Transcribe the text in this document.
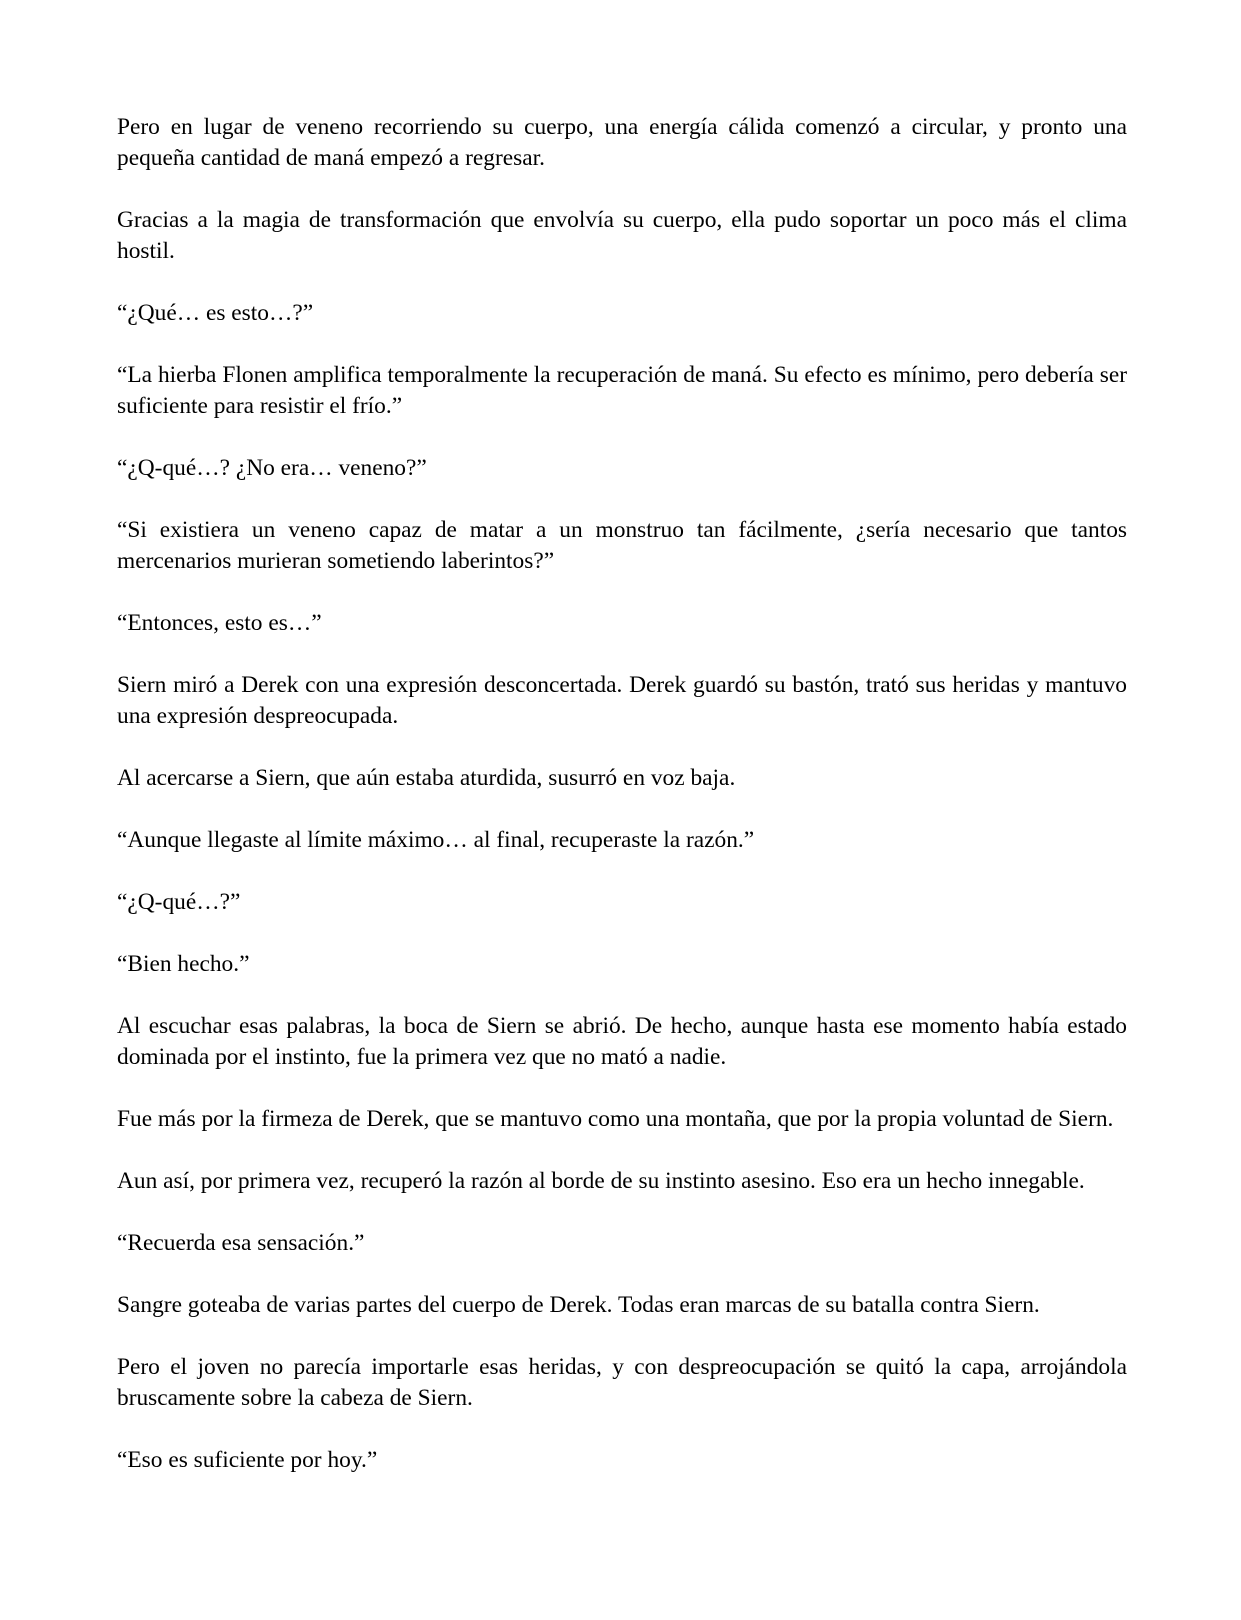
Pero en lugar de veneno recorriendo su cuerpo, una energía cálida comenzó a circular, y pronto una pequeña cantidad de maná empezó a regresar.

Gracias a la magia de transformación que envolvía su cuerpo, ella pudo soportar un poco más el clima hostil.

“¿Qué… es esto…?”

“La hierba Flonen amplifica temporalmente la recuperación de maná. Su efecto es mínimo, pero debería ser suficiente para resistir el frío.”

“¿Q-qué…? ¿No era… veneno?”

“Si existiera un veneno capaz de matar a un monstruo tan fácilmente, ¿sería necesario que tantos mercenarios murieran sometiendo laberintos?”

“Entonces, esto es…”

Siern miró a Derek con una expresión desconcertada. Derek guardó su bastón, trató sus heridas y mantuvo una expresión despreocupada.

Al acercarse a Siern, que aún estaba aturdida, susurró en voz baja.

“Aunque llegaste al límite máximo… al final, recuperaste la razón.”

“¿Q-qué…?”

“Bien hecho.”

Al escuchar esas palabras, la boca de Siern se abrió. De hecho, aunque hasta ese momento había estado dominada por el instinto, fue la primera vez que no mató a nadie.

Fue más por la firmeza de Derek, que se mantuvo como una montaña, que por la propia voluntad de Siern.

Aun así, por primera vez, recuperó la razón al borde de su instinto asesino. Eso era un hecho innegable.

“Recuerda esa sensación.”

Sangre goteaba de varias partes del cuerpo de Derek. Todas eran marcas de su batalla contra Siern.

Pero el joven no parecía importarle esas heridas, y con despreocupación se quitó la capa, arrojándola bruscamente sobre la cabeza de Siern.

“Eso es suficiente por hoy.”
